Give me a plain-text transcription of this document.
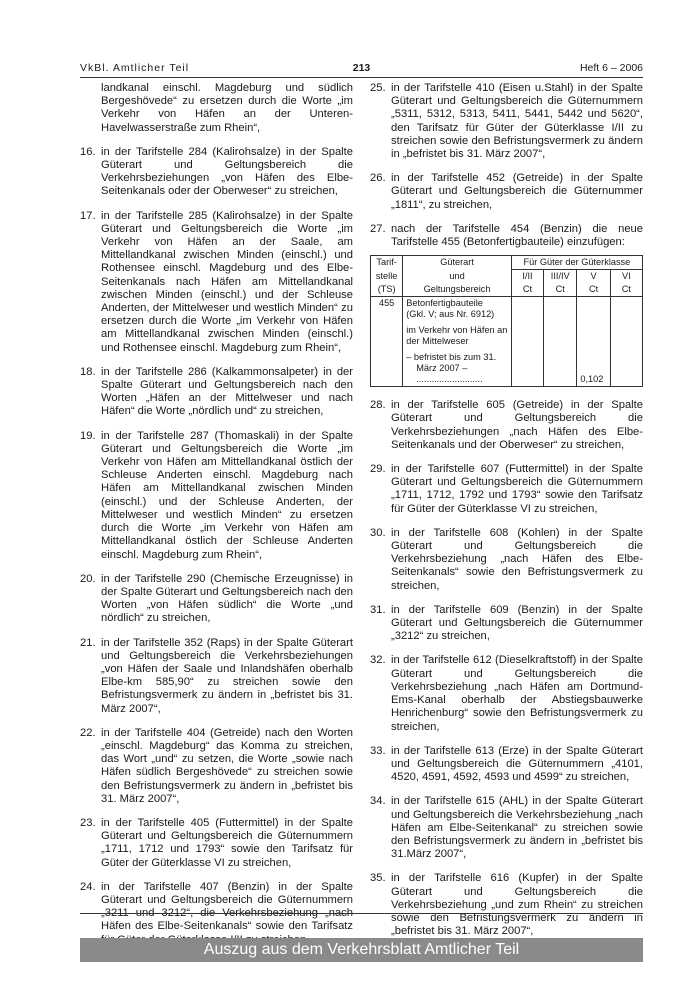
VkBl. Amtlicher Teil	213	Heft 6 – 2006
landkanal einschl. Magdeburg und südlich Bergeshövede“ zu ersetzen durch die Worte „im Verkehr von Häfen an der Unteren-Havelwasserstraße zum Rhein“,
16. in der Tarifstelle 284 (Kalirohsalze) in der Spalte Güterart und Geltungsbereich die Verkehrsbeziehungen „von Häfen des Elbe-Seitenkanals oder der Oberweser“ zu streichen,
17. in der Tarifstelle 285 (Kalirohsalze) in der Spalte Güterart und Geltungsbereich die Worte „im Verkehr von Häfen an der Saale, am Mittellandkanal zwischen Minden (einschl.) und Rothensee einschl. Magdeburg und des Elbe-Seitenkanals nach Häfen am Mittellandkanal zwischen Minden (einschl.) und der Schleuse Anderten, der Mittelweser und westlich Minden“ zu ersetzen durch die Worte „im Verkehr von Häfen am Mittellandkanal zwischen Minden (einschl.) und Rothensee einschl. Magdeburg zum Rhein“,
18. in der Tarifstelle 286 (Kalkammonsalpeter) in der Spalte Güterart und Geltungsbereich nach den Worten „Häfen an der Mittelweser und nach Häfen“ die Worte „nördlich und“ zu streichen,
19. in der Tarifstelle 287 (Thomaskali) in der Spalte Güterart und Geltungsbereich die Worte „im Verkehr von Häfen am Mittellandkanal östlich der Schleuse Anderten einschl. Magdeburg nach Häfen am Mittellandkanal zwischen Minden (einschl.) und der Schleuse Anderten, der Mittelweser und westlich Minden“ zu ersetzen durch die Worte „im Verkehr von Häfen am Mittellandkanal östlich der Schleuse Anderten einschl. Magdeburg zum Rhein“,
20. in der Tarifstelle 290 (Chemische Erzeugnisse) in der Spalte Güterart und Geltungsbereich nach den Worten „von Häfen südlich“ die Worte „und nördlich“ zu streichen,
21. in der Tarifstelle 352 (Raps) in der Spalte Güterart und Geltungsbereich die Verkehrsbeziehungen „von Häfen der Saale und Inlandshäfen oberhalb Elbe-km 585,90“ zu streichen sowie den Befristungsvermerk zu ändern in „befristet bis 31. März 2007“,
22. in der Tarifstelle 404 (Getreide) nach den Worten „einschl. Magdeburg“ das Komma zu streichen, das Wort „und“ zu setzen, die Worte „sowie nach Häfen südlich Bergeshövede“ zu streichen sowie den Befristungsvermerk zu ändern in „befristet bis 31. März 2007“,
23. in der Tarifstelle 405 (Futtermittel) in der Spalte Güterart und Geltungsbereich die Güternummern „1711, 1712 und 1793“ sowie den Tarifsatz für Güter der Güterklasse VI zu streichen,
24. in der Tarifstelle 407 (Benzin) in der Spalte Güterart und Geltungsbereich die Güternummern „3211 und 3212“, die Verkehrsbeziehung „nach Häfen des Elbe-Seitenkanals“ sowie den Tarifsatz
25. in der Tarifstelle 410 (Eisen u.Stahl) in der Spalte Güterart und Geltungsbereich die Güternummern „5311, 5312, 5313, 5411, 5441, 5442 und 5620“, den Tarifsatz für Güter der Güterklasse I/II zu streichen sowie den Befristungsvermerk zu ändern in „befristet bis 31. März 2007“,
26. in der Tarifstelle 452 (Getreide) in der Spalte Güterart und Geltungsbereich die Güternummer „1811“, zu streichen,
27. nach der Tarifstelle 454 (Benzin) die neue Tarifstelle 455 (Betonfertigbauteile) einzufügen:
Tarif-	Güterart	Für Güter der Güterklasse			
stelle	und	I/II	III/IV	V	VI
(TS)	Geltungsbereich	Ct	Ct	Ct	Ct
455	Betonfertigbauteile

(Gkl. V; aus Nr. 6912)

im Verkehr von Häfen an der Mittelweser

– befristet bis zum 31. März 2007 –

..........................			0,102	
28. in der Tarifstelle 605 (Getreide) in der Spalte Güterart und Geltungsbereich die Verkehrsbeziehungen „nach Häfen des Elbe-Seitenkanals und der Oberweser“ zu streichen,
29. in der Tarifstelle 607 (Futtermittel) in der Spalte Güterart und Geltungsbereich die Güternummern „1711, 1712, 1792 und 1793“ sowie den Tarifsatz für Güter der Güterklasse VI zu streichen,
30. in der Tarifstelle 608 (Kohlen) in der Spalte Güterart und Geltungsbereich die Verkehrsbeziehung „nach Häfen des Elbe-Seitenkanals“ sowie den Befristungsvermerk zu streichen,
31. in der Tarifstelle 609 (Benzin) in der Spalte Güterart und Geltungsbereich die Güternummer „3212“ zu streichen,
32. in der Tarifstelle 612 (Dieselkraftstoff) in der Spalte Güterart und Geltungsbereich die Verkehrsbeziehung „nach Häfen am Dortmund-Ems-Kanal oberhalb der Abstiegsbauwerke Henrichenburg“ sowie den Befristungsvermerk zu streichen,
33. in der Tarifstelle 613 (Erze) in der Spalte Güterart und Geltungsbereich die Güternummern „4101, 4520, 4591, 4592, 4593 und 4599“ zu streichen,
34. in der Tarifstelle 615 (AHL) in der Spalte Güterart und Geltungsbereich die Verkehrsbeziehung „nach Häfen am Elbe-Seitenkanal“ zu streichen sowie den Befristungsvermerk zu ändern in „befristet bis 31.März 2007“,
35. in der Tarifstelle 616 (Kupfer) in der Spalte Güterart und Geltungsbereich die Verkehrsbeziehung „und zum Rhein“ zu streichen sowie den Befristungsvermerk zu ändern in „befristet bis 31. März 2007“,
Auszug aus dem Verkehrsblatt Amtlicher Teil
